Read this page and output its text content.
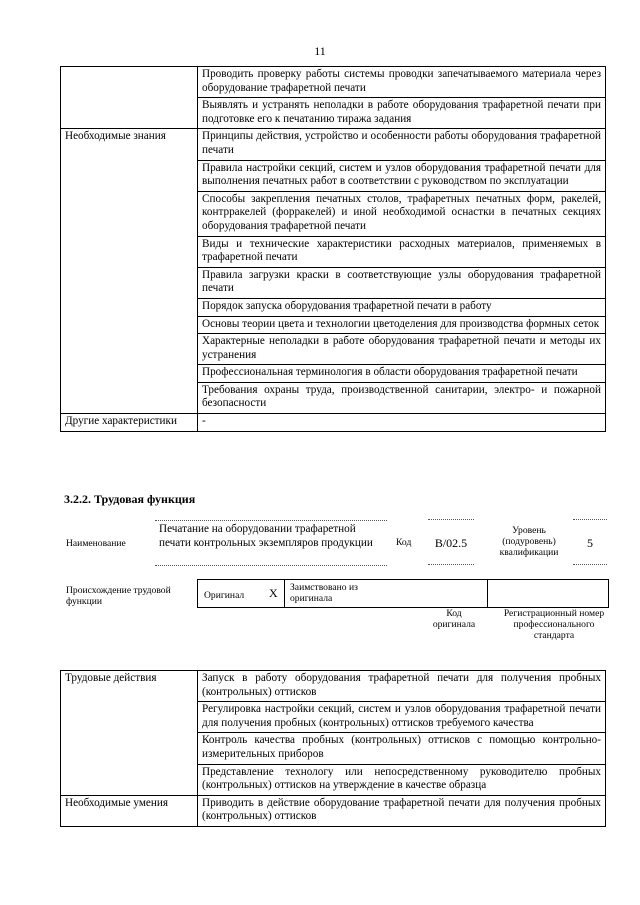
11
	Проводить проверку работы системы проводки запечатываемого материала через оборудование трафаретной печати
	Выявлять и устранять неполадки в работе оборудования трафаретной печати при подготовке его к печатанию тиража задания
Необходимые знания	Принципы действия, устройство и особенности работы оборудования трафаретной печати
	Правила настройки секций, систем и узлов оборудования трафаретной печати для выполнения печатных работ в соответствии с руководством по эксплуатации
	Способы закрепления печатных столов, трафаретных печатных форм, ракелей, контрракелей (форракелей) и иной необходимой оснастки в печатных секциях оборудования трафаретной печати
	Виды и технические характеристики расходных материалов, применяемых в трафаретной печати
	Правила загрузки краски в соответствующие узлы оборудования трафаретной печати
	Порядок запуска оборудования трафаретной печати в работу
	Основы теории цвета и технологии цветоделения для производства формных сеток
	Характерные неполадки в работе оборудования трафаретной печати и методы их устранения
	Профессиональная терминология в области оборудования трафаретной печати
	Требования охраны труда, производственной санитарии, электро- и пожарной безопасности
Другие характеристики	-
3.2.2. Трудовая функция
Наименование
Печатание на оборудовании трафаретной печати контрольных экземпляров продукции	Код	B/02.5
Уровень (подуровень) квалификации
5
Происхождение трудовой функции
Оригинал X Заимствовано из оригинала
Код оригинала
Регистрационный номер профессионального стандарта
Трудовые действия	Запуск в работу оборудования трафаретной печати для получения пробных (контрольных) оттисков
	Регулировка настройки секций, систем и узлов оборудования трафаретной печати для получения пробных (контрольных) оттисков требуемого качества
	Контроль качества пробных (контрольных) оттисков с помощью контрольно-измерительных приборов
	Представление технологу или непосредственному руководителю пробных (контрольных) оттисков на утверждение в качестве образца
Необходимые умения	Приводить в действие оборудование трафаретной печати для получения пробных (контрольных) оттисков
